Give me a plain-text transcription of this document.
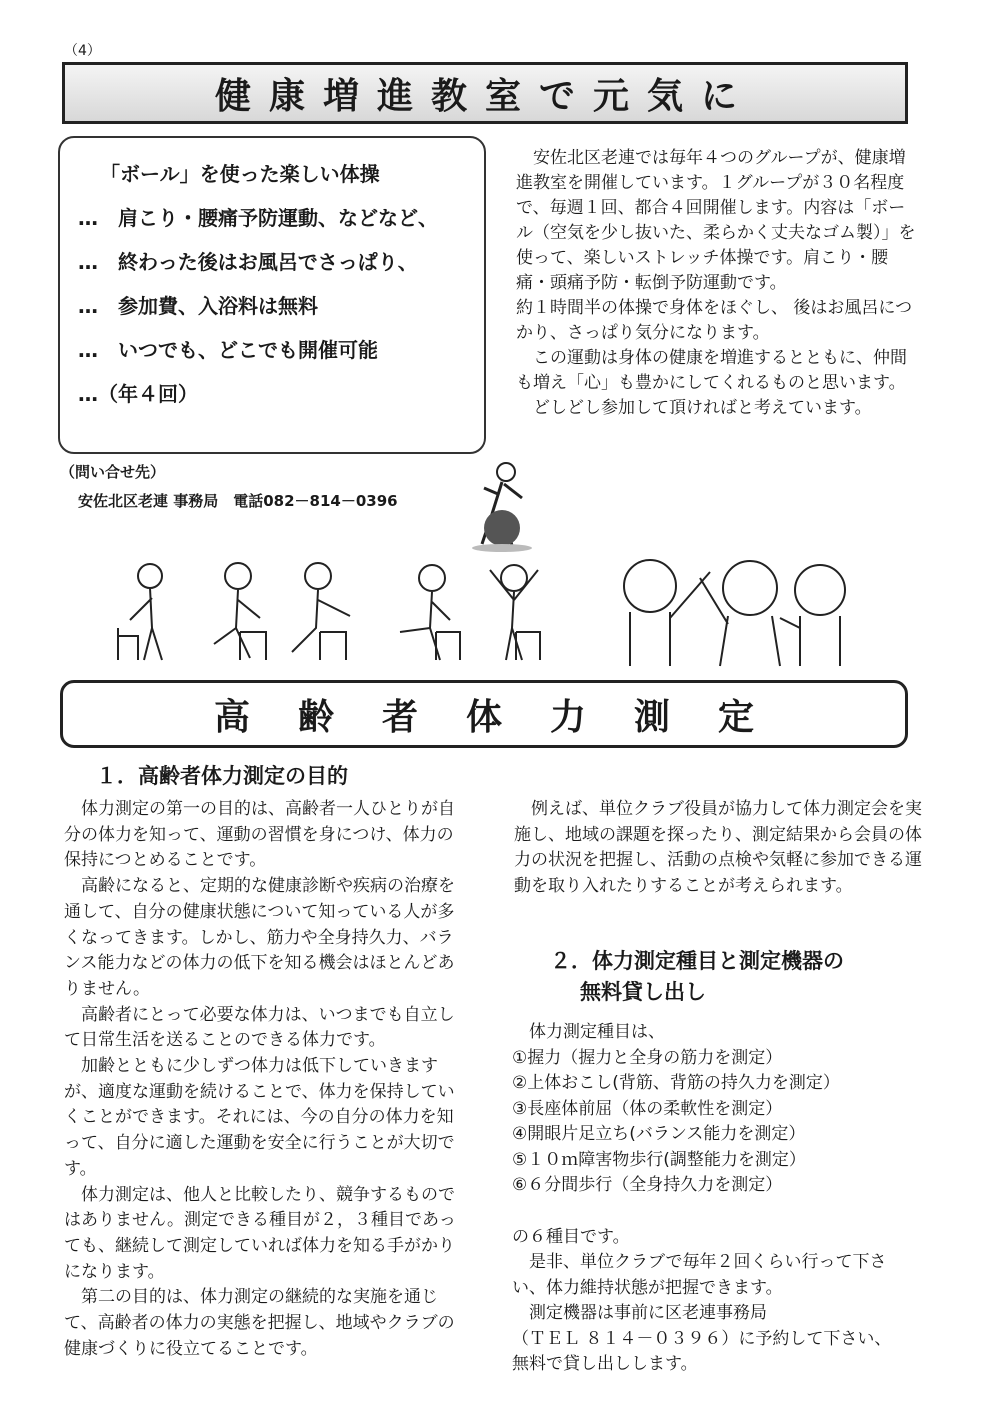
（4）
健康増進教室で元気に
「ボール」を使った楽しい体操
…　肩こり・腰痛予防運動、などなど、
…　終わった後はお風呂でさっぱり、
…　参加費、入浴料は無料
…　いつでも、どこでも開催可能
…（年４回）
（問い合せ先）
安佐北区老連 事務局　電話082－814－0396

　安佐北区老連では毎年４つのグループが、健康増進教室を開催しています。１グループが３０名程度で、毎週１回、都合４回開催します。内容は「ボール（空気を少し抜いた、柔らかく丈夫なゴム製）」を使って、楽しいストレッチ体操です。肩こり・腰痛・頭痛予防・転倒予防運動です。

約１時間半の体操で身体をほぐし、 後はお風呂につかり、さっぱり気分になります。

　この運動は身体の健康を増進するとともに、仲間も増え「心」も豊かにしてくれるものと思います。

　どしどし参加して頂ければと考えています。

高齢者体力測定
１．高齢者体力測定の目的

　体力測定の第一の目的は、高齢者一人ひとりが自分の体力を知って、運動の習慣を身につけ、体力の保持につとめることです。

　高齢になると、定期的な健康診断や疾病の治療を通して、自分の健康状態について知っている人が多くなってきます。しかし、筋力や全身持久力、バランス能力などの体力の低下を知る機会はほとんどありません。

　高齢者にとって必要な体力は、いつまでも自立して日常生活を送ることのできる体力です。

　加齢とともに少しずつ体力は低下していきますが、適度な運動を続けることで、体力を保持していくことができます。それには、今の自分の体力を知って、自分に適した運動を安全に行うことが大切です。

　体力測定は、他人と比較したり、競争するものではありません。測定できる種目が２，３種目であっても、継続して測定していれば体力を知る手がかりになります。

　第二の目的は、体力測定の継続的な実施を通じて、高齢者の体力の実態を把握し、地域やクラブの健康づくりに役立てることです。

　例えば、単位クラブ役員が協力して体力測定会を実施し、地域の課題を探ったり、測定結果から会員の体力の状況を把握し、活動の点検や気軽に参加できる運動を取り入れたりすることが考えられます。

２．体力測定種目と測定機器の
無料貸し出し

　体力測定種目は、

①握力（握力と全身の筋力を測定）

②上体おこし(背筋、背筋の持久力を測定）

③長座体前屈（体の柔軟性を測定）

④開眼片足立ち(バランス能力を測定）

⑤１０ｍ障害物歩行(調整能力を測定）

⑥６分間歩行（全身持久力を測定）

の６種目です。

　是非、単位クラブで毎年２回くらい行って下さい、体力維持状態が把握できます。

　測定機器は事前に区老連事務局

（ＴＥＬ ８１４－０３９６）に予約して下さい、

無料で貸し出しします。
